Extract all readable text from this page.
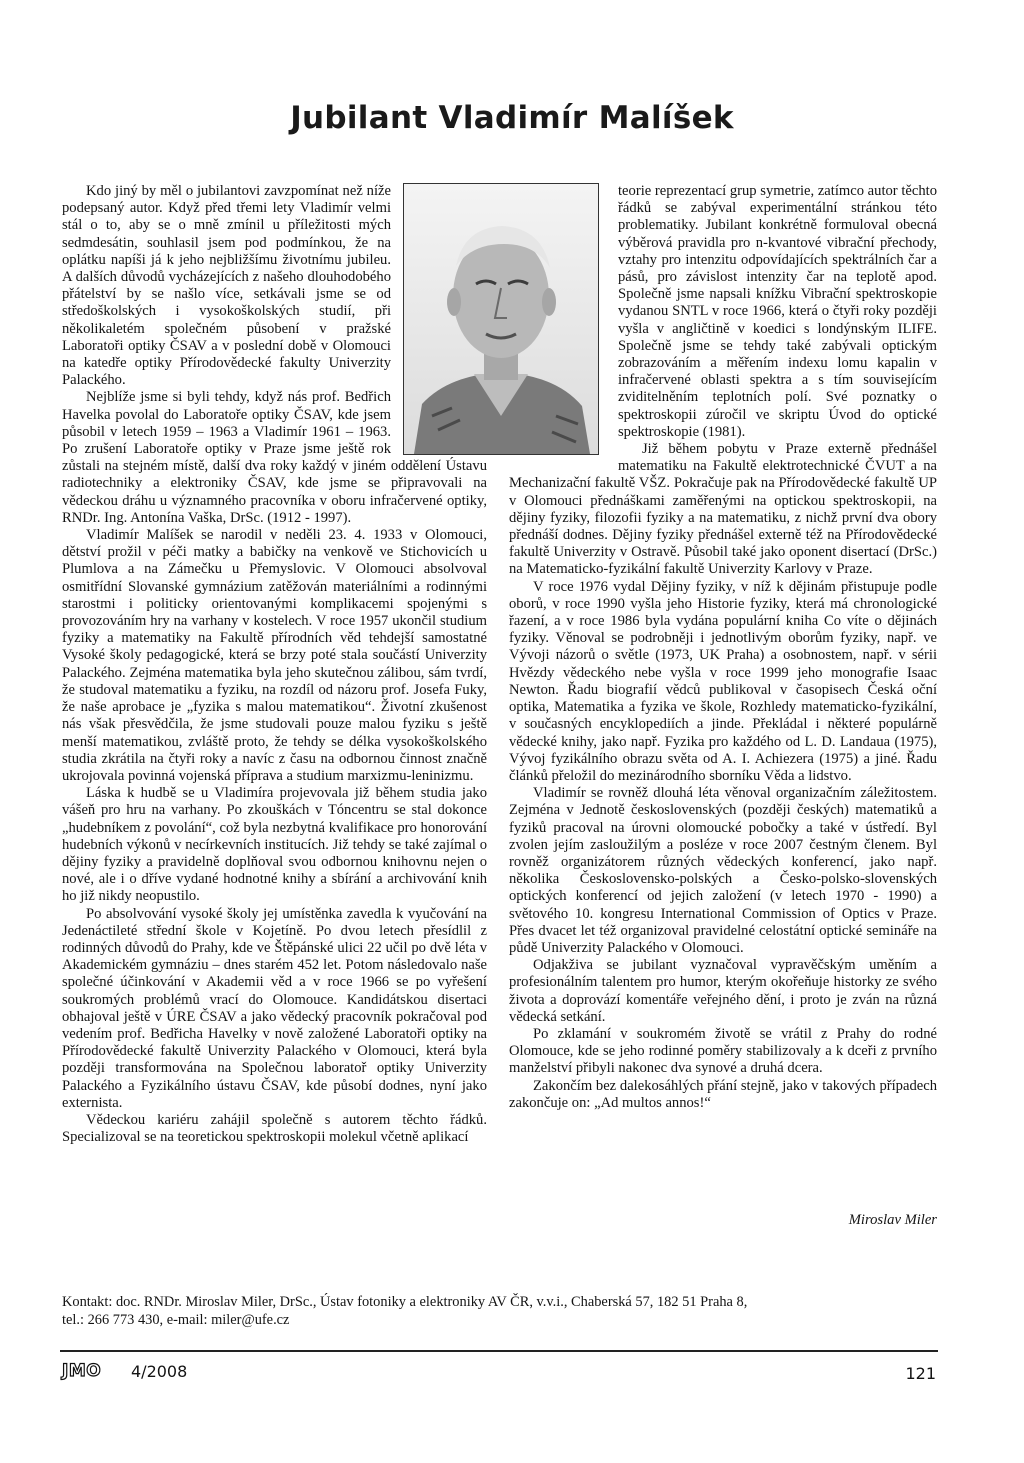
Jubilant Vladimír Malíšek

Kdo jiný by měl o jubilantovi zavzpomínat než níže podepsaný autor. Když před třemi lety Vladimír velmi stál o to, aby se o mně zmínil u příležitosti mých sedmdesátin, souhlasil jsem pod podmínkou, že na oplátku napíši já k jeho nejbližšímu životnímu jubileu. A dalších důvodů vycházejících z našeho dlouhodobého přátelství by se našlo více, setkávali jsme se od středoškolských i vysokoškolských studií, při několikaletém společném působení v pražské Laboratoři optiky ČSAV a v poslední době v Olomouci na katedře optiky Přírodovědecké fakulty Univerzity Palackého.

Nejblíže jsme si byli tehdy, když nás prof. Bedřich Havelka povolal do Laboratoře optiky ČSAV, kde jsem působil v letech 1959 – 1963 a Vladimír 1961 – 1963. Po zrušení Laboratoře optiky v Praze jsme ještě rok zůstali na stejném místě, další dva roky každý v jiném oddělení Ústavu radiotechniky a elektroniky ČSAV, kde jsme se připravovali na vědeckou dráhu u významného pracovníka v oboru infračervené optiky, RNDr. Ing. Antonína Vaška, DrSc. (1912 - 1997).

Vladimír Malíšek se narodil v neděli 23. 4. 1933 v Olomouci, dětství prožil v péči matky a babičky na venkově ve Stichovicích u Plumlova a na Zámečku u Přemyslovic. V Olomouci absolvoval osmitřídní Slovanské gymnázium zatěžován materiálními a rodinnými starostmi i politicky orientovanými komplikacemi spojenými s provozováním hry na varhany v kostelech. V roce 1957 ukončil studium fyziky a matematiky na Fakultě přírodních věd tehdejší samostatné Vysoké školy pedagogické, která se brzy poté stala součástí Univerzity Palackého. Zejména matematika byla jeho skutečnou zálibou, sám tvrdí, že studoval matematiku a fyziku, na rozdíl od názoru prof. Josefa Fuky, že naše aprobace je „fyzika s malou matematikou“. Životní zkušenost nás však přesvědčila, že jsme studovali pouze malou fyziku s ještě menší matematikou, zvláště proto, že tehdy se délka vysokoškolského studia zkrátila na čtyři roky a navíc z času na odbornou činnost značně ukrojovala povinná vojenská příprava a studium marxizmu-leninizmu.

Láska k hudbě se u Vladimíra projevovala již během studia jako vášeň pro hru na varhany. Po zkouškách v Tóncentru se stal dokonce „hudebníkem z povolání“, což byla nezbytná kvalifikace pro honorování hudebních výkonů v necírkevních institucích. Již tehdy se také zajímal o dějiny fyziky a pravidelně doplňoval svou odbornou knihovnu nejen o nové, ale i o dříve vydané hodnotné knihy a sbírání a archivování knih ho již nikdy neopustilo.

Po absolvování vysoké školy jej umístěnka zavedla k vyučování na Jedenáctileté střední škole v Kojetíně. Po dvou letech přesídlil z rodinných důvodů do Prahy, kde ve Štěpánské ulici 22 učil po dvě léta v Akademickém gymnáziu – dnes starém 452 let. Potom následovalo naše společné účinkování v Akademii věd a v roce 1966 se po vyřešení soukromých problémů vrací do Olomouce. Kandidátskou disertaci obhajoval ještě v ÚRE ČSAV a jako vědecký pracovník pokračoval pod vedením prof. Bedřicha Havelky v nově založené Laboratoři optiky na Přírodovědecké fakultě Univerzity Palackého v Olomouci, která byla později transformována na Společnou laboratoř optiky Univerzity Palackého a Fyzikálního ústavu ČSAV, kde působí dodnes, nyní jako externista.

Vědeckou kariéru zahájil společně s autorem těchto řádků. Specializoval se na teoretickou spektroskopii molekul včetně aplikací

teorie reprezentací grup symetrie, zatímco autor těchto řádků se zabýval experimentální stránkou této problematiky. Jubilant konkrétně formuloval obecná výběrová pravidla pro n-kvantové vibrační přechody, vztahy pro intenzitu odpovídajících spektrálních čar a pásů, pro závislost intenzity čar na teplotě apod. Společně jsme napsali knížku Vibrační spektroskopie vydanou SNTL v roce 1966, která o čtyři roky později vyšla v angličtině v koedici s londýnským ILIFE. Společně jsme se tehdy také zabývali optickým zobrazováním a měřením indexu lomu kapalin v infračervené oblasti spektra a s tím souvisejícím zviditelněním teplotních polí. Své poznatky o spektroskopii zúročil ve skriptu Úvod do optické spektroskopie (1981).

Již během pobytu v Praze externě přednášel matematiku na Fakultě elektrotechnické ČVUT a na Mechanizační fakultě VŠZ. Pokračuje pak na Přírodovědecké fakultě UP v Olomouci přednáškami zaměřenými na optickou spektroskopii, na dějiny fyziky, filozofii fyziky a na matematiku, z nichž první dva obory přednáší dodnes. Dějiny fyziky přednášel externě též na Přírodovědecké fakultě Univerzity v Ostravě. Působil také jako oponent disertací (DrSc.) na Matematicko-fyzikální fakultě Univerzity Karlovy v Praze.

V roce 1976 vydal Dějiny fyziky, v níž k dějinám přistupuje podle oborů, v roce 1990 vyšla jeho Historie fyziky, která má chronologické řazení, a v roce 1986 byla vydána populární kniha Co víte o dějinách fyziky. Věnoval se podrobněji i jednotlivým oborům fyziky, např. ve Vývoji názorů o světle (1973, UK Praha) a osobnostem, např. v sérii Hvězdy vědeckého nebe vyšla v roce 1999 jeho monografie Isaac Newton. Řadu biografií vědců publikoval v časopisech Česká oční optika, Matematika a fyzika ve škole, Rozhledy matematicko-fyzikální, v současných encyklopediích a jinde. Překládal i některé populárně vědecké knihy, jako např. Fyzika pro každého od L. D. Landaua (1975), Vývoj fyzikálního obrazu světa od A. I. Achiezera (1975) a jiné. Řadu článků přeložil do mezinárodního sborníku Věda a lidstvo.

Vladimír se rovněž dlouhá léta věnoval organizačním záležitostem. Zejména v Jednotě československých (později českých) matematiků a fyziků pracoval na úrovni olomoucké pobočky a také v ústředí. Byl zvolen jejím zasloužilým a posléze v roce 2007 čestným členem. Byl rovněž organizátorem různých vědeckých konferencí, jako např. několika Československo-polských a Česko-polsko-slovenských optických konferencí od jejich založení (v letech 1970 - 1990) a světového 10. kongresu International Commission of Optics v Praze. Přes dvacet let též organizoval pravidelné celostátní optické semináře na půdě Univerzity Palackého v Olomouci.

Odjakživa se jubilant vyznačoval vypravěčským uměním a profesionálním talentem pro humor, kterým okořeňuje historky ze svého života a doprovází komentáře veřejného dění, i proto je zván na různá vědecká setkání.

Po zklamání v soukromém životě se vrátil z Prahy do rodné Olomouce, kde se jeho rodinné poměry stabilizovaly a k dceři z prvního manželství přibyli nakonec dva synové a druhá dcera.

Zakončím bez dalekosáhlých přání stejně, jako v takových případech zakončuje on: „Ad multos annos!“

Miroslav Miler
Kontakt: doc. RNDr. Miroslav Miler, DrSc., Ústav fotoniky a elektroniky AV ČR, v.v.i., Chaberská 57, 182 51 Praha 8,
tel.: 266 773 430, e-mail: miler@ufe.cz
JMO 4/2008	121
